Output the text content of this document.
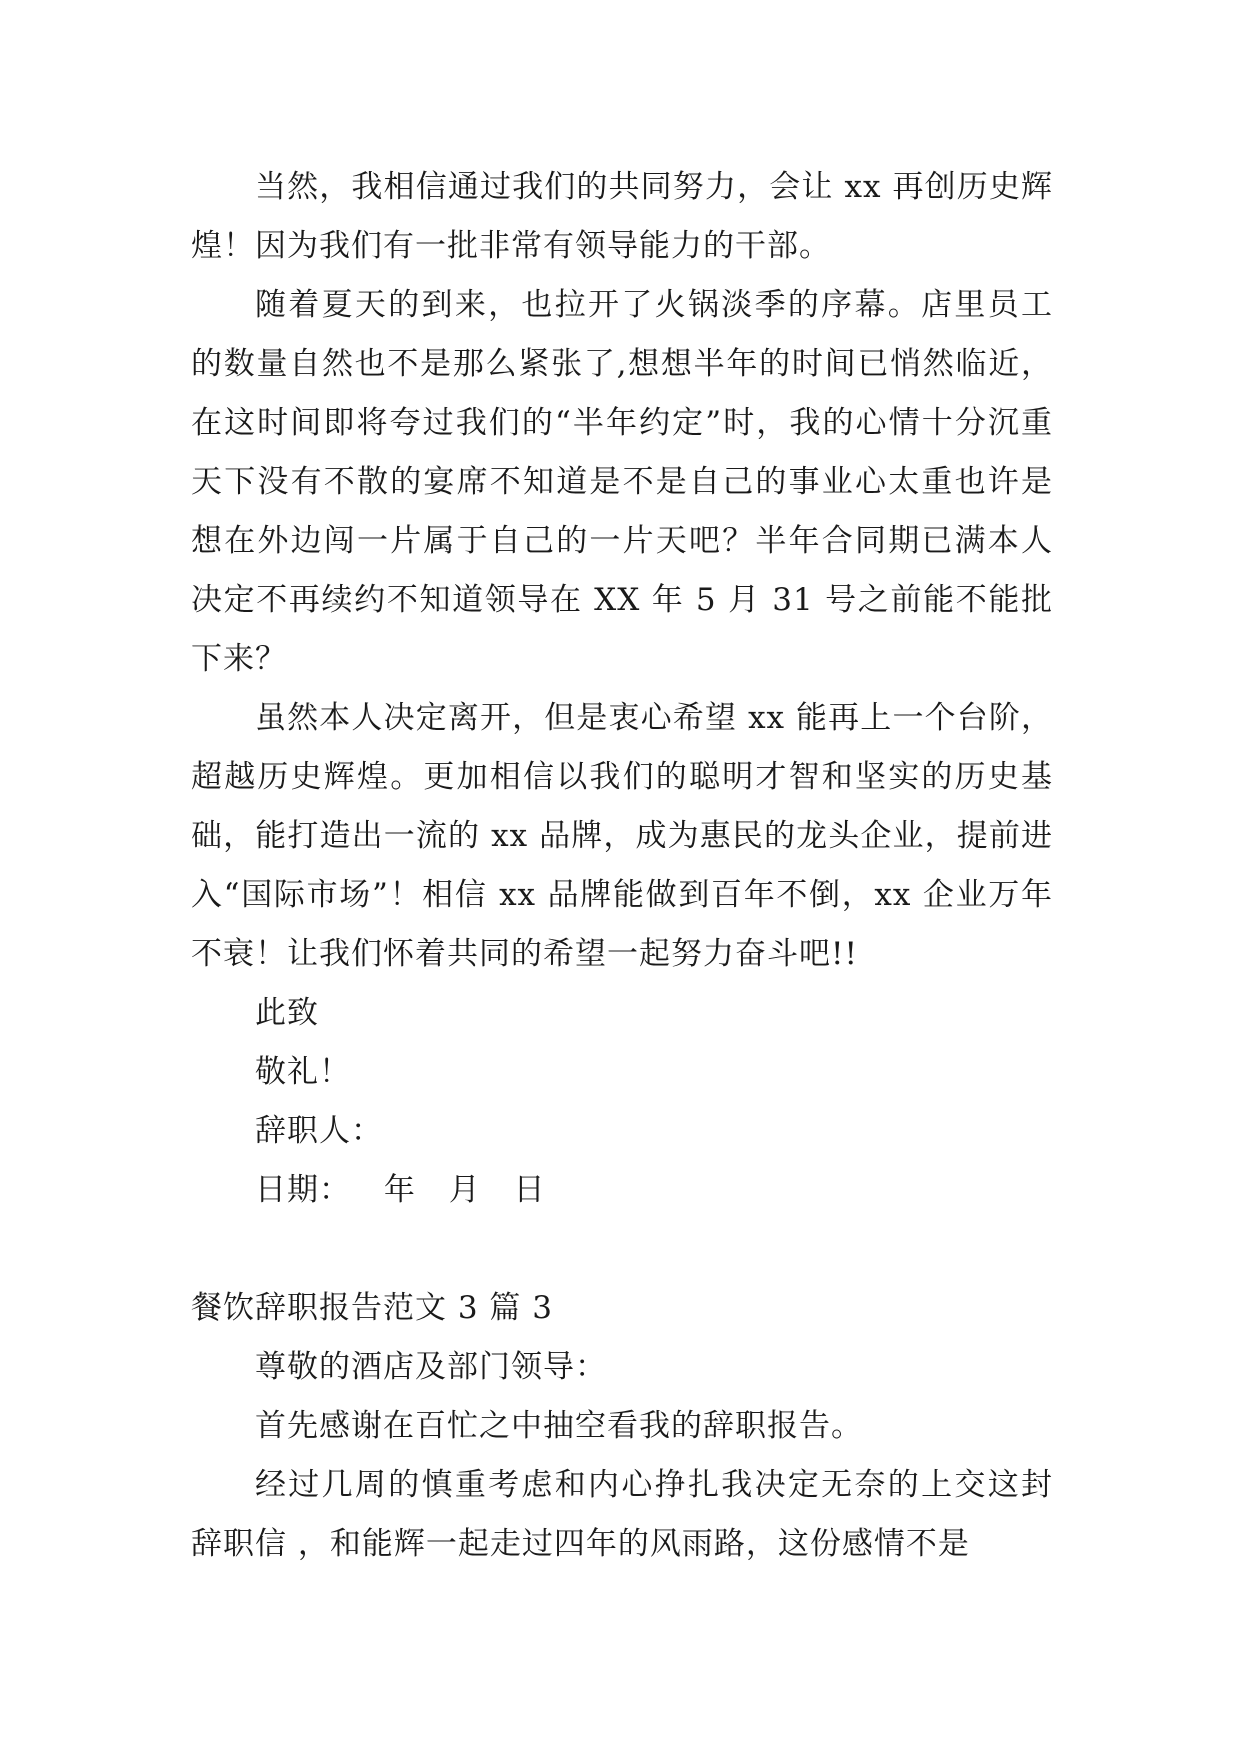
当然，我相信通过我们的共同努力，会让 xx 再创历史辉煌！因为我们有一批非常有领导能力的干部。

随着夏天的到来，也拉开了火锅淡季的序幕。店里员工的数量自然也不是那么紧张了,想想半年的时间已悄然临近，在这时间即将夸过我们的“半年约定”时，我的心情十分沉重天下没有不散的宴席不知道是不是自己的事业心太重也许是想在外边闯一片属于自己的一片天吧？半年合同期已满本人决定不再续约不知道领导在 XX 年 5 月 31 号之前能不能批下来？

虽然本人决定离开，但是衷心希望 xx 能再上一个台阶，超越历史辉煌。更加相信以我们的聪明才智和坚实的历史基础，能打造出一流的 xx 品牌，成为惠民的龙头企业，提前进入“国际市场”！相信 xx 品牌能做到百年不倒，xx 企业万年不衰！让我们怀着共同的希望一起努力奋斗吧!!

此致

敬礼！

辞职人：

日期： 年 月 日

餐饮辞职报告范文 3 篇 3

尊敬的酒店及部门领导：

首先感谢在百忙之中抽空看我的辞职报告。

经过几周的慎重考虑和内心挣扎我决定无奈的上交这封辞职信 ，和能辉一起走过四年的风雨路，这份感情不是
